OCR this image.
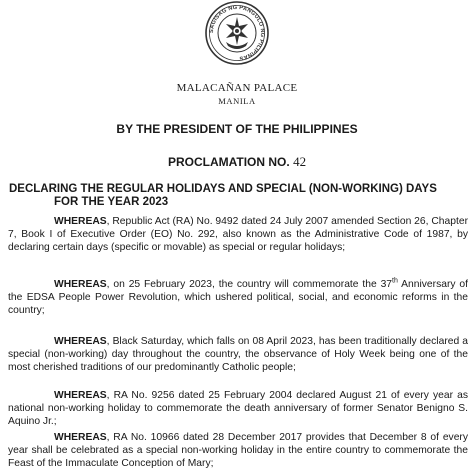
SAGISAG NG PANGULO NG PILIPINAS
MALACAÑAN PALACE
MANILA
BY THE PRESIDENT OF THE PHILIPPINES
PROCLAMATION NO. 42
DECLARING THE REGULAR HOLIDAYS AND SPECIAL (NON-WORKING) DAYS
FOR THE YEAR 2023
WHEREAS, Republic Act (RA) No. 9492 dated 24 July 2007 amended Section 26, Chapter 7, Book I of Executive Order (EO) No. 292, also known as the Administrative Code of 1987, by declaring certain days (specific or movable) as special or regular holidays;
WHEREAS, on 25 February 2023, the country will commemorate the 37th Anniversary of the EDSA People Power Revolution, which ushered political, social, and economic reforms in the country;
WHEREAS, Black Saturday, which falls on 08 April 2023, has been traditionally declared a special (non-working) day throughout the country, the observance of Holy Week being one of the most cherished traditions of our predominantly Catholic people;
WHEREAS, RA No. 9256 dated 25 February 2004 declared August 21 of every year as national non-working holiday to commemorate the death anniversary of former Senator Benigno S. Aquino Jr.;
WHEREAS, RA No. 10966 dated 28 December 2017 provides that December 8 of every year shall be celebrated as a special non-working holiday in the entire country to commemorate the Feast of the Immaculate Conception of Mary;
